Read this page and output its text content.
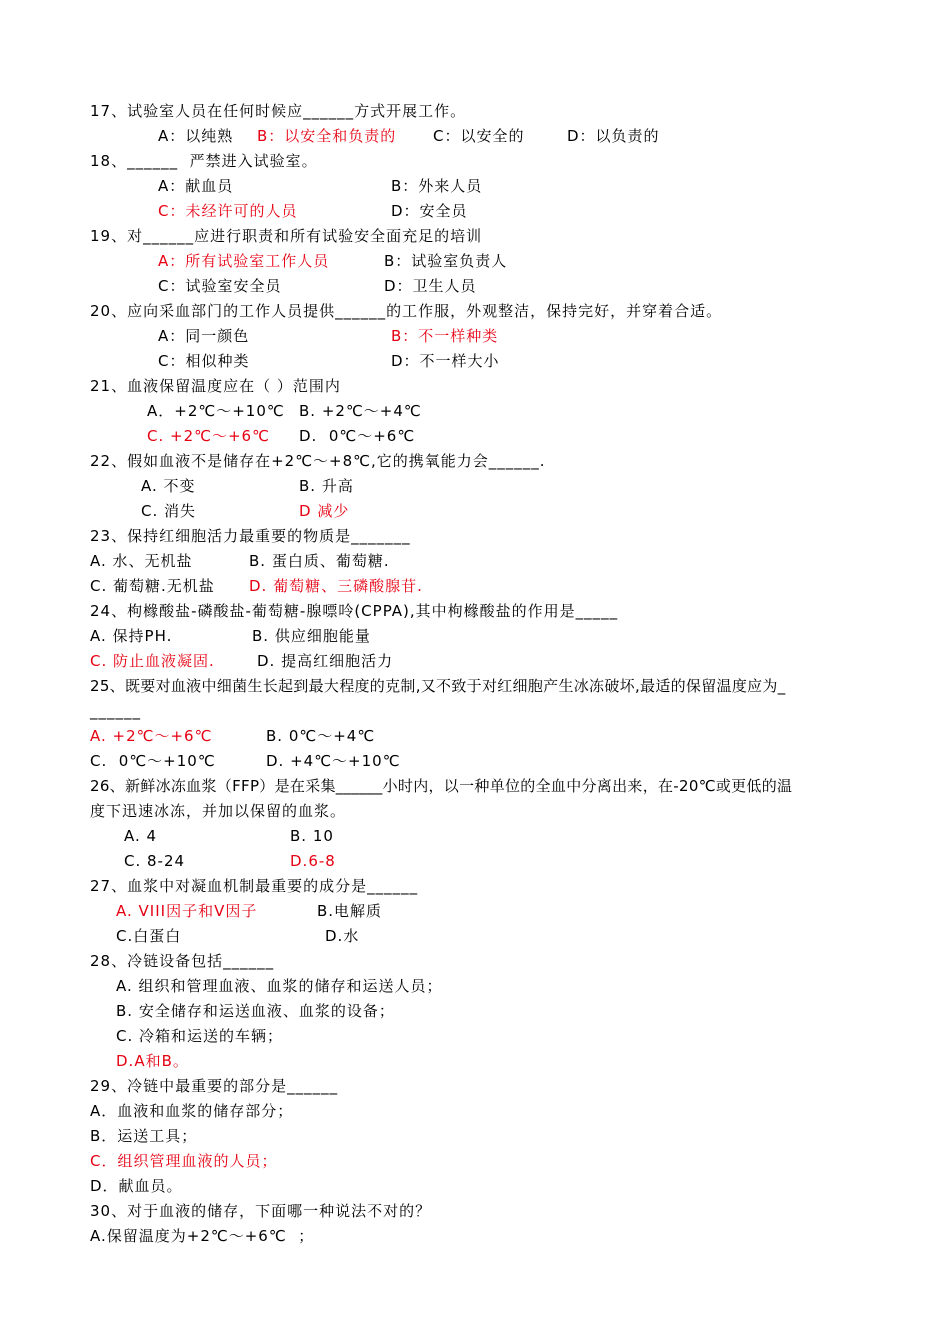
17、试验室人员在任何时候应______方式开展工作。
A：以纯熟 B：以安全和负责的 C：以安全的	D：以负责的
18、______  严禁进入试验室。
A：献血员	B：外来人员
C：未经许可的人员	D：安全员
19、对______应进行职责和所有试验安全面充足的培训
A：所有试验室工作人员	B：试验室负责人
C：试验室安全员	D：卫生人员
20、应向采血部门的工作人员提供______的工作服，外观整洁，保持完好，并穿着合适。
A：同一颜色	B：不一样种类
C：相似种类	D：不一样大小
21、血液保留温度应在（ ）范围内
A．+2℃～+10℃ B. +2℃～+4℃
C. +2℃～+6℃ D.  0℃～+6℃
22、假如血液不是储存在+2℃～+8℃,它的携氧能力会______.
A. 不变	B. 升高
C. 消失	D 减少
23、保持红细胞活力最重要的物质是_______
A. 水、无机盐	B. 蛋白质、葡萄糖.
C. 葡萄糖.无机盐 D. 葡萄糖、三磷酸腺苷.
24、枸橼酸盐-磷酸盐-葡萄糖-腺嘌呤(CPPA),其中枸橼酸盐的作用是_____
A. 保持PH.	B. 供应细胞能量
C. 防止血液凝固.	D. 提高红细胞活力
25、既要对血液中细菌生长起到最大程度的克制,又不致于对红细胞产生冰冻破坏,最适的保留温度应为_
______
A. +2℃～+6℃	B. 0℃～+4℃
C.  0℃～+10℃	D. +4℃～+10℃
26、新鲜冰冻血浆（FFP）是在采集______小时内，以一种单位的全血中分离出来，在-20℃或更低的温
度下迅速冰冻，并加以保留的血浆。
A. 4	B. 10
C. 8-24	D.6-8
27、血浆中对凝血机制最重要的成分是______
A. VIII因子和V因子	B.电解质
C.白蛋白	D.水
28、冷链设备包括______
A. 组织和管理血液、血浆的储存和运送人员；
B. 安全储存和运送血液、血浆的设备；
C. 冷箱和运送的车辆；
D.A和B。
29、冷链中最重要的部分是______
A．血液和血浆的储存部分；
B．运送工具；
C．组织管理血液的人员；
D．献血员。
30、对于血液的储存，下面哪一种说法不对的？
A.保留温度为+2℃～+6℃  ；
